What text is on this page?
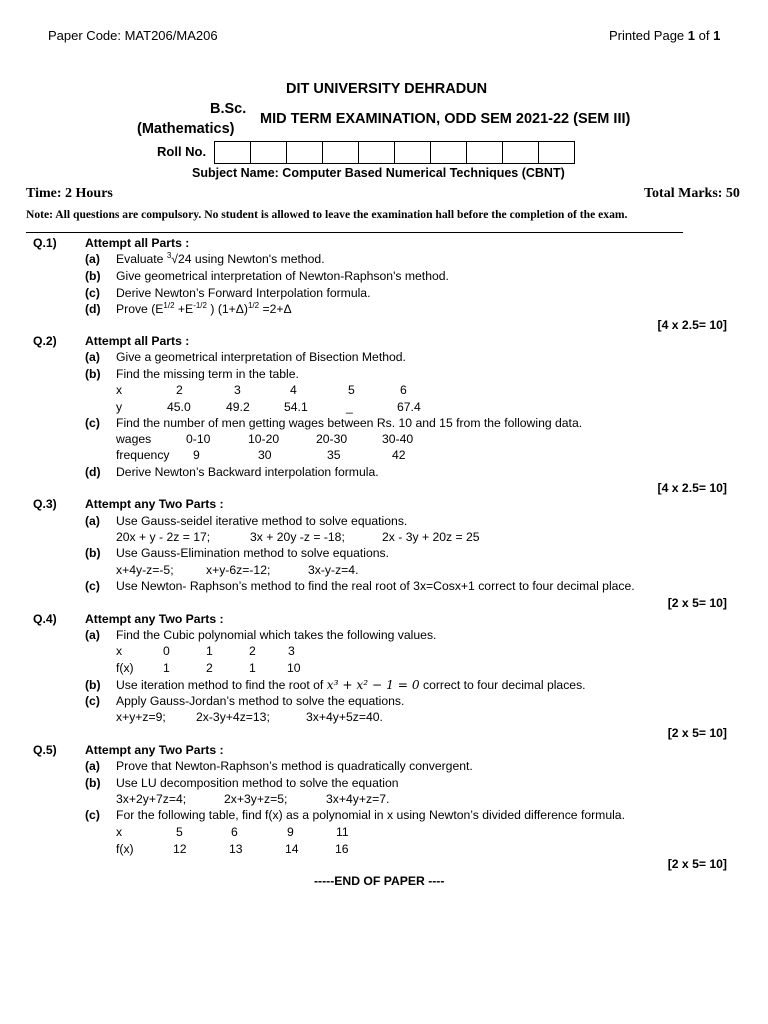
Paper Code: MAT206/MA206	Printed Page 1 of 1
DIT UNIVERSITY DEHRADUN
B.Sc.
(Mathematics)
MID TERM EXAMINATION, ODD SEM 2021-22 (SEM III)
Roll No.
Subject Name: Computer Based Numerical Techniques (CBNT)
Time: 2 Hours	Total Marks: 50
Note: All questions are compulsory. No student is allowed to leave the examination hall before the completion of the exam.
Q.1) Attempt all Parts :
(a) Evaluate $^3$√24 using Newton's method.
(b) Give geometrical interpretation of Newton-Raphson's method.
(c) Derive Newton’s Forward Interpolation formula.
(d) Prove ($E^{1/2} +E^{-1/2}$ ) $(1+\Delta)^{1/2} =2+\Delta$
[4 x 2.5= 10]
Q.2) Attempt all Parts :
(a) Give a geometrical interpretation of Bisection Method.
(b) Find the missing term in the table.
x	2	3	4	5	6
y	45.0	49.2	54.1	_	67.4
(c) Find the number of men getting wages between Rs. 10 and 15 from the following data.
wages	0-10	10-20	20-30	30-40
frequency 9	30	35	42
(d) Derive Newton’s Backward interpolation formula.
[4 x 2.5= 10]
Q.3) Attempt any Two Parts :
(a) Use Gauss-seidel iterative method to solve equations.
20x + y - 2z = 17;	3x + 20y -z = -18;	2x - 3y + 20z = 25
(b) Use Gauss-Elimination method to solve equations.
x+4y-z=-5;	x+y-6z=-12;	3x-y-z=4.
(c) Use Newton- Raphson’s method to find the real root of 3x=Cosx+1 correct to four decimal place.
[2 x 5= 10]
Q.4) Attempt any Two Parts :
(a) Find the Cubic polynomial which takes the following values.
x	0	1	2	3
f(x) 1	2	1	10
(b) Use iteration method to find the root of x³ + x² − 1 = 0 correct to four decimal places.
(c) Apply Gauss-Jordan’s method to solve the equations.
x+y+z=9; 2x-3y+4z=13;	3x+4y+5z=40.
[2 x 5= 10]
Q.5) Attempt any Two Parts :
(a) Prove that Newton-Raphson’s method is quadratically convergent.
(b) Use LU decomposition method to solve the equation
3x+2y+7z=4;	2x+3y+z=5;	3x+4y+z=7.
(c) For the following table, find f(x) as a polynomial in x using Newton’s divided difference formula.
x	5	6	9	11
f(x)	12	13	14	16
[2 x 5= 10]
-----END OF PAPER ----
